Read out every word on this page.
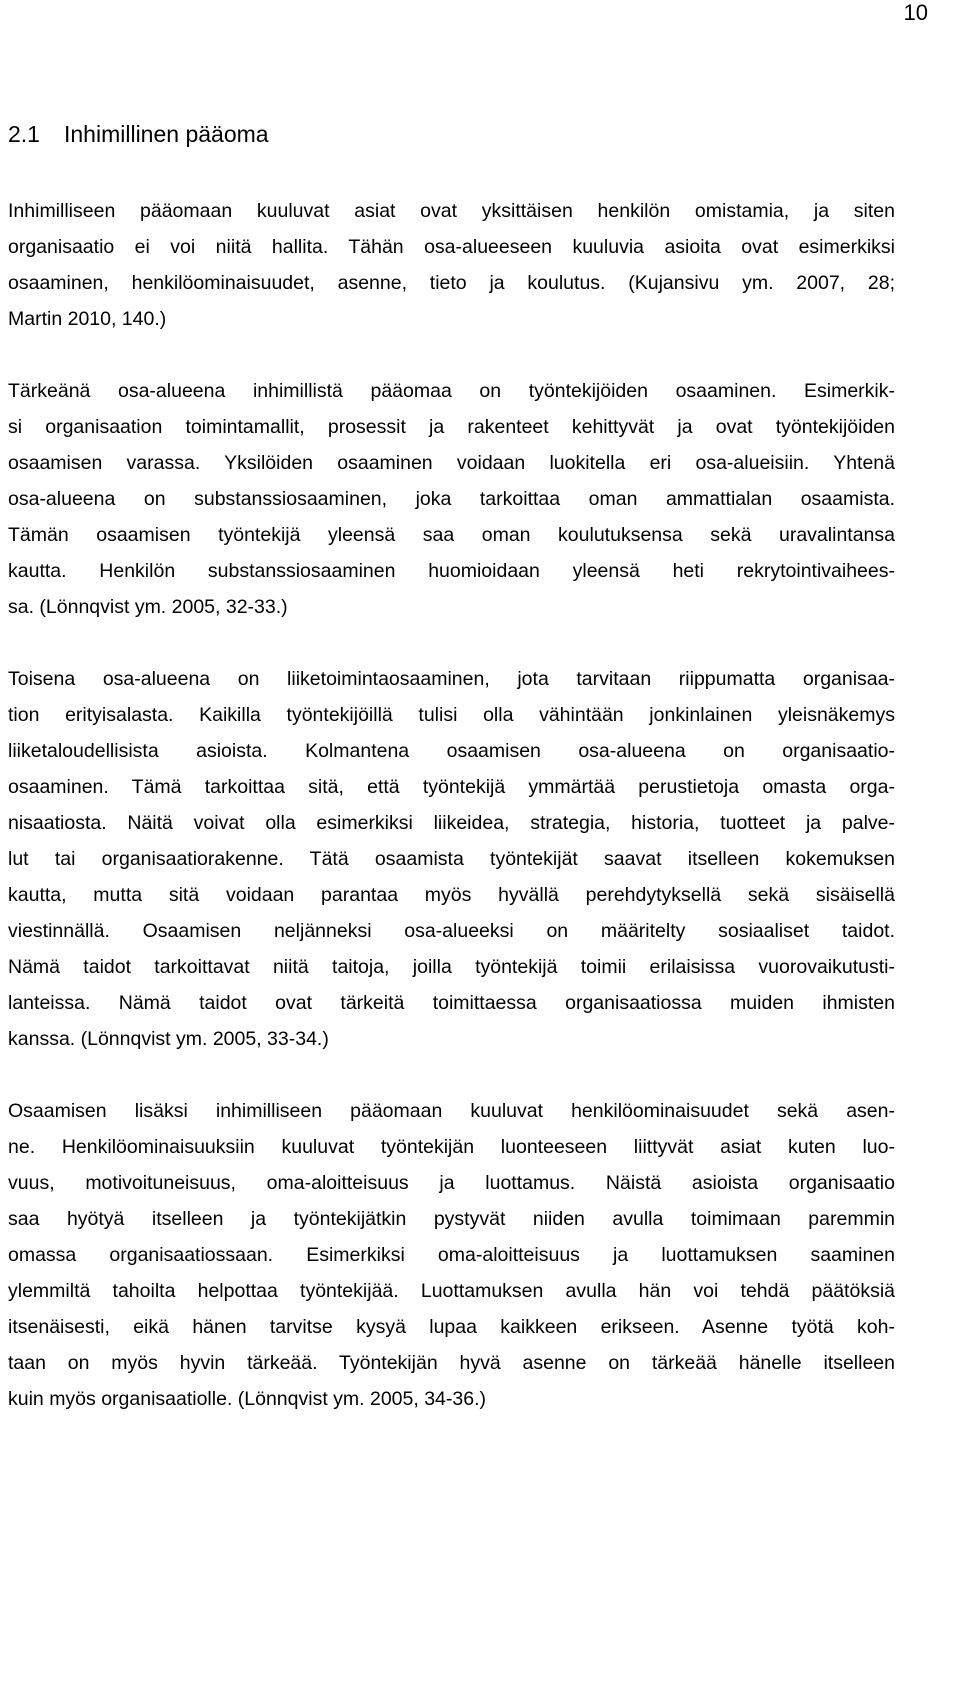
10
2.1 Inhimillinen pääoma
Inhimilliseen pääomaan kuuluvat asiat ovat yksittäisen henkilön omistamia, ja siten
organisaatio ei voi niitä hallita. Tähän osa-alueeseen kuuluvia asioita ovat esimerkiksi
osaaminen, henkilöominaisuudet, asenne, tieto ja koulutus. (Kujansivu ym. 2007, 28;
Martin 2010, 140.)
Tärkeänä osa-alueena inhimillistä pääomaa on työntekijöiden osaaminen. Esimerkik-
si organisaation toimintamallit, prosessit ja rakenteet kehittyvät ja ovat työntekijöiden
osaamisen varassa. Yksilöiden osaaminen voidaan luokitella eri osa-alueisiin. Yhtenä
osa-alueena on substanssiosaaminen, joka tarkoittaa oman ammattialan osaamista.
Tämän osaamisen työntekijä yleensä saa oman koulutuksensa sekä uravalintansa
kautta. Henkilön substanssiosaaminen huomioidaan yleensä heti rekrytointivaihees-
sa. (Lönnqvist ym. 2005, 32-33.)
Toisena osa-alueena on liiketoimintaosaaminen, jota tarvitaan riippumatta organisaa-
tion erityisalasta. Kaikilla työntekijöillä tulisi olla vähintään jonkinlainen yleisnäkemys
liiketaloudellisista asioista. Kolmantena osaamisen osa-alueena on organisaatio-
osaaminen. Tämä tarkoittaa sitä, että työntekijä ymmärtää perustietoja omasta orga-
nisaatiosta. Näitä voivat olla esimerkiksi liikeidea, strategia, historia, tuotteet ja palve-
lut tai organisaatiorakenne. Tätä osaamista työntekijät saavat itselleen kokemuksen
kautta, mutta sitä voidaan parantaa myös hyvällä perehdytyksellä sekä sisäisellä
viestinnällä. Osaamisen neljänneksi osa-alueeksi on määritelty sosiaaliset taidot.
Nämä taidot tarkoittavat niitä taitoja, joilla työntekijä toimii erilaisissa vuorovaikutusti-
lanteissa. Nämä taidot ovat tärkeitä toimittaessa organisaatiossa muiden ihmisten
kanssa. (Lönnqvist ym. 2005, 33-34.)
Osaamisen lisäksi inhimilliseen pääomaan kuuluvat henkilöominaisuudet sekä asen-
ne. Henkilöominaisuuksiin kuuluvat työntekijän luonteeseen liittyvät asiat kuten luo-
vuus, motivoituneisuus, oma-aloitteisuus ja luottamus. Näistä asioista organisaatio
saa hyötyä itselleen ja työntekijätkin pystyvät niiden avulla toimimaan paremmin
omassa organisaatiossaan. Esimerkiksi oma-aloitteisuus ja luottamuksen saaminen
ylemmiltä tahoilta helpottaa työntekijää. Luottamuksen avulla hän voi tehdä päätöksiä
itsenäisesti, eikä hänen tarvitse kysyä lupaa kaikkeen erikseen. Asenne työtä koh-
taan on myös hyvin tärkeää. Työntekijän hyvä asenne on tärkeää hänelle itselleen
kuin myös organisaatiolle. (Lönnqvist ym. 2005, 34-36.)
